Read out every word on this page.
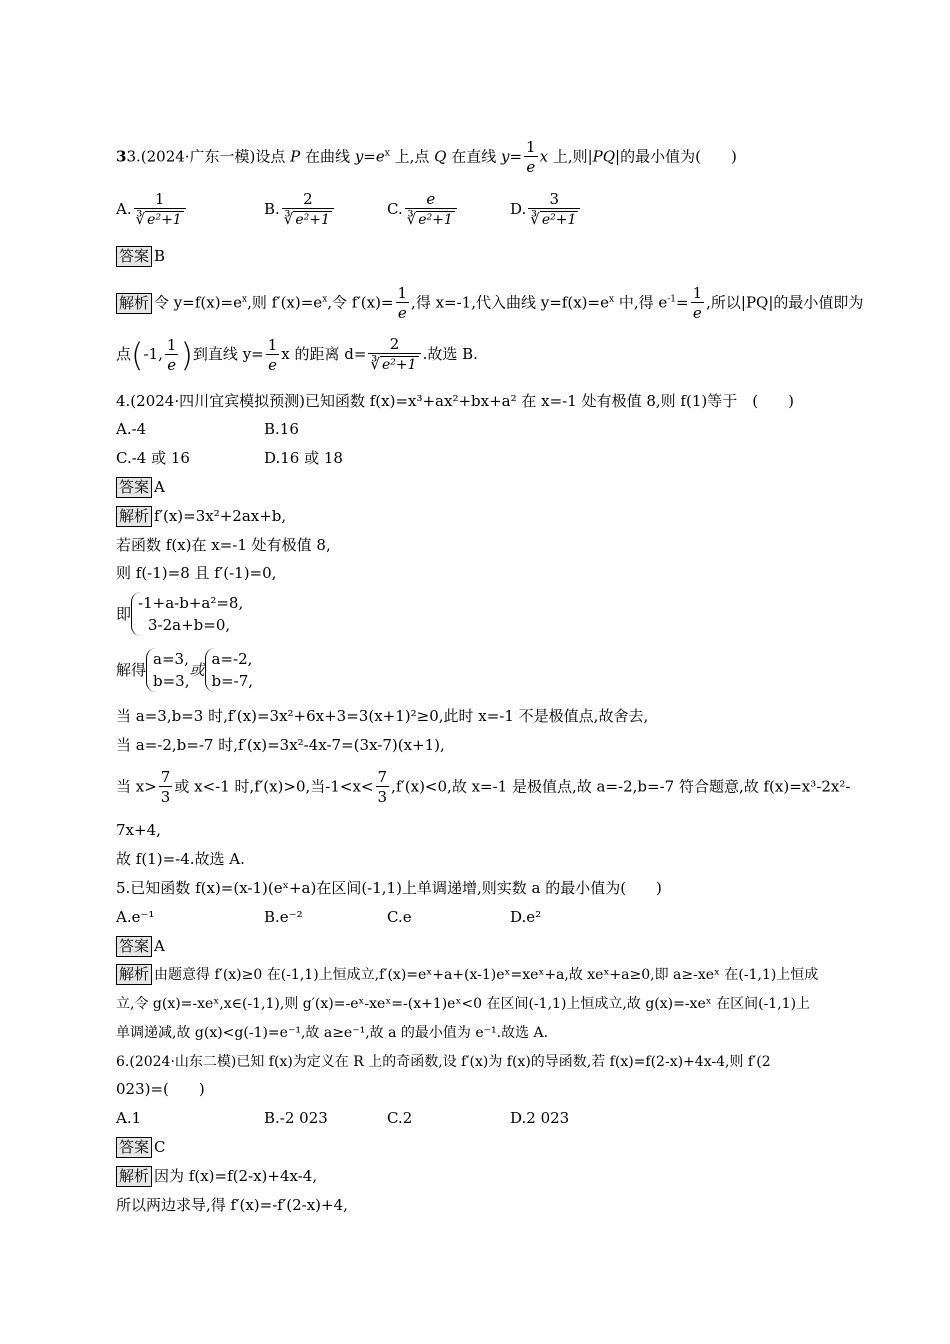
33.(2024·广东一模)设点 P 在曲线 $y=e^x$ 上,点 Q 在直线 $y= \frac{1}{e}$ x 上,则|PQ|的最小值为(　　)
A. $\frac{1}{\text{∛ e²+1}}$	B. $\frac{2}{\text{∛ e²+1}}$	C. $\frac{e}{\text{∛ e²+1}}$	D. $\frac{3}{\text{∛ e²+1}}$
答案 B
解析 令 $y=f(x)=e^x$,则 $f'(x)=e^x$,令 $f'(x)= \frac{1}{e}$ ,得 x=-1,代入曲线 $y=f(x)=e^x$ 中,得 $e^{-1}= \frac{1}{e}$ ,所以|PQ|的最小值即为
点(-1, $\frac{1}{e}$ )到直线 $y= \frac{1}{e}$ x 的距离 $d= \frac{2}{\text{∛ e²+1}}$ .故选 B.
4.(2024·四川宜宾模拟预测)已知函数 f(x)=x³+ax²+bx+a² 在 x=-1 处有极值 8,则 f(1)等于　(　　)
A.-4	B.16
C.-4 或 16	D.16 或 18
答案 A
解析 f′(x)=3x²+2ax+b,
若函数 f(x)在 x=-1 处有极值 8,
则 f(-1)=8 且 f′(-1)=0,
即
-1+a-b+a²=8,
3-2a+b=0,
解得
a=3,
b=3,
或
a=-2,
b=-7,
当 a=3,b=3 时,f′(x)=3x²+6x+3=3(x+1)²≥0,此时 x=-1 不是极值点,故舍去,
当 a=-2,b=-7 时,f′(x)=3x²-4x-7=(3x-7)(x+1),
当 $x> \frac{7}{3}$ 或 x<-1 时,f′(x)>0,当$-1<x< \frac{7}{3} ,f'(x)<0$,故 x=-1 是极值点,故 a=-2,b=-7 符合题意,故 f(x)=x³-2x²-
7x+4,
故 f(1)=-4.故选 A.
5.已知函数 f(x)=(x-1)(eˣ+a)在区间(-1,1)上单调递增,则实数 a 的最小值为(　　)
A.e⁻¹	B.e⁻²	C.e	D.e²
答案 A
解析 由题意得 f′(x)≥0 在(-1,1)上恒成立,f′(x)=eˣ+a+(x-1)eˣ=xeˣ+a,故 xeˣ+a≥0,即 a≥-xeˣ 在(-1,1)上恒成
立,令 g(x)=-xeˣ,x∈(-1,1),则 g′(x)=-eˣ-xeˣ=-(x+1)eˣ<0 在区间(-1,1)上恒成立,故 g(x)=-xeˣ 在区间(-1,1)上
单调递减,故 g(x)<g(-1)=e⁻¹,故 a≥e⁻¹,故 a 的最小值为 e⁻¹.故选 A.
6.(2024·山东二模)已知 f(x)为定义在 R 上的奇函数,设 f′(x)为 f(x)的导函数,若 f(x)=f(2-x)+4x-4,则 f′(2
023)=(　　)
A.1	B.-2 023	C.2	D.2 023
答案 C
解析 因为 f(x)=f(2-x)+4x-4,
所以两边求导,得 f′(x)=-f′(2-x)+4,
